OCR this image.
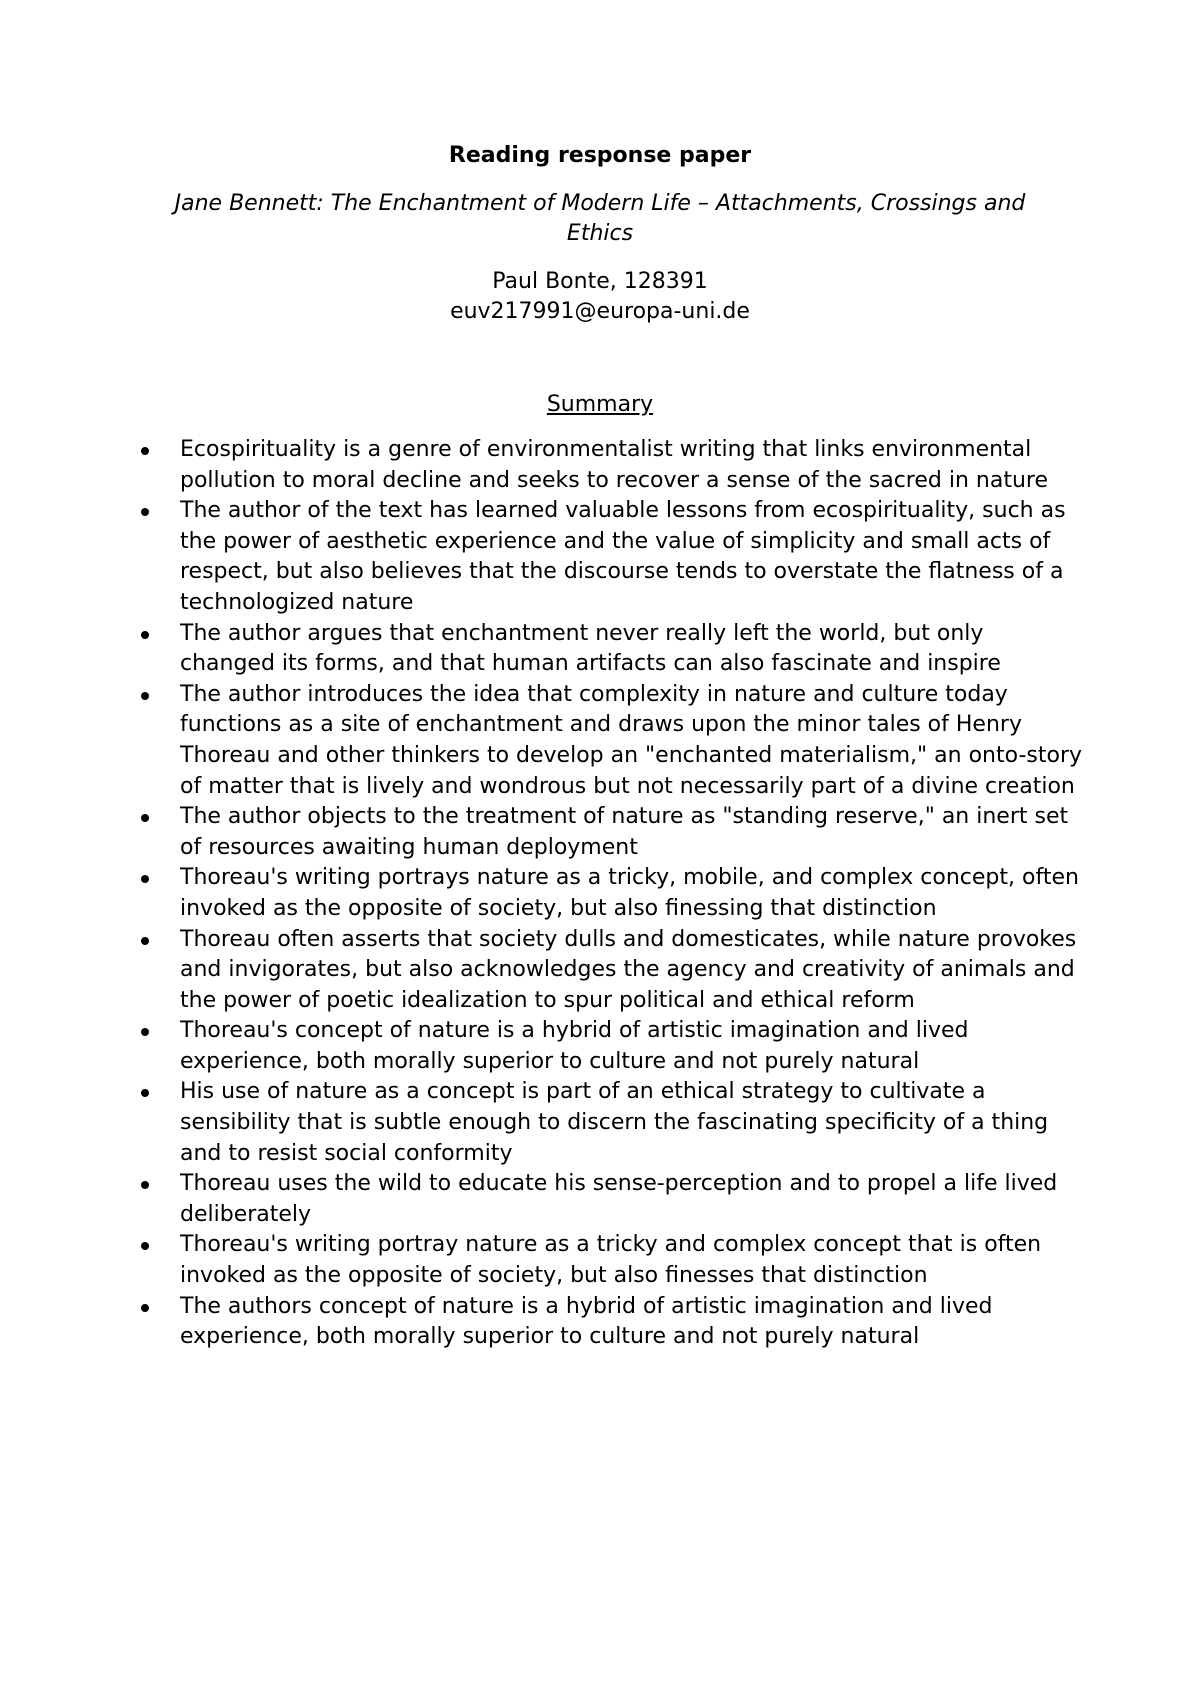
Reading response paper
Jane Bennett: The Enchantment of Modern Life – Attachments, Crossings and Ethics
Paul Bonte, 128391
euv217991@europa-uni.de
Summary
Ecospirituality is a genre of environmentalist writing that links environmental pollution to moral decline and seeks to recover a sense of the sacred in nature
The author of the text has learned valuable lessons from ecospirituality, such as the power of aesthetic experience and the value of simplicity and small acts of respect, but also believes that the discourse tends to overstate the flatness of a technologized nature
The author argues that enchantment never really left the world, but only changed its forms, and that human artifacts can also fascinate and inspire
The author introduces the idea that complexity in nature and culture today functions as a site of enchantment and draws upon the minor tales of Henry Thoreau and other thinkers to develop an "enchanted materialism," an onto-story of matter that is lively and wondrous but not necessarily part of a divine creation
The author objects to the treatment of nature as "standing reserve," an inert set of resources awaiting human deployment
Thoreau's writing portrays nature as a tricky, mobile, and complex concept, often invoked as the opposite of society, but also finessing that distinction
Thoreau often asserts that society dulls and domesticates, while nature provokes and invigorates, but also acknowledges the agency and creativity of animals and the power of poetic idealization to spur political and ethical reform
Thoreau's concept of nature is a hybrid of artistic imagination and lived experience, both morally superior to culture and not purely natural
His use of nature as a concept is part of an ethical strategy to cultivate a sensibility that is subtle enough to discern the fascinating specificity of a thing and to resist social conformity
Thoreau uses the wild to educate his sense-perception and to propel a life lived deliberately
Thoreau's writing portray nature as a tricky and complex concept that is often invoked as the opposite of society, but also finesses that distinction
The authors concept of nature is a hybrid of artistic imagination and lived experience, both morally superior to culture and not purely natural
